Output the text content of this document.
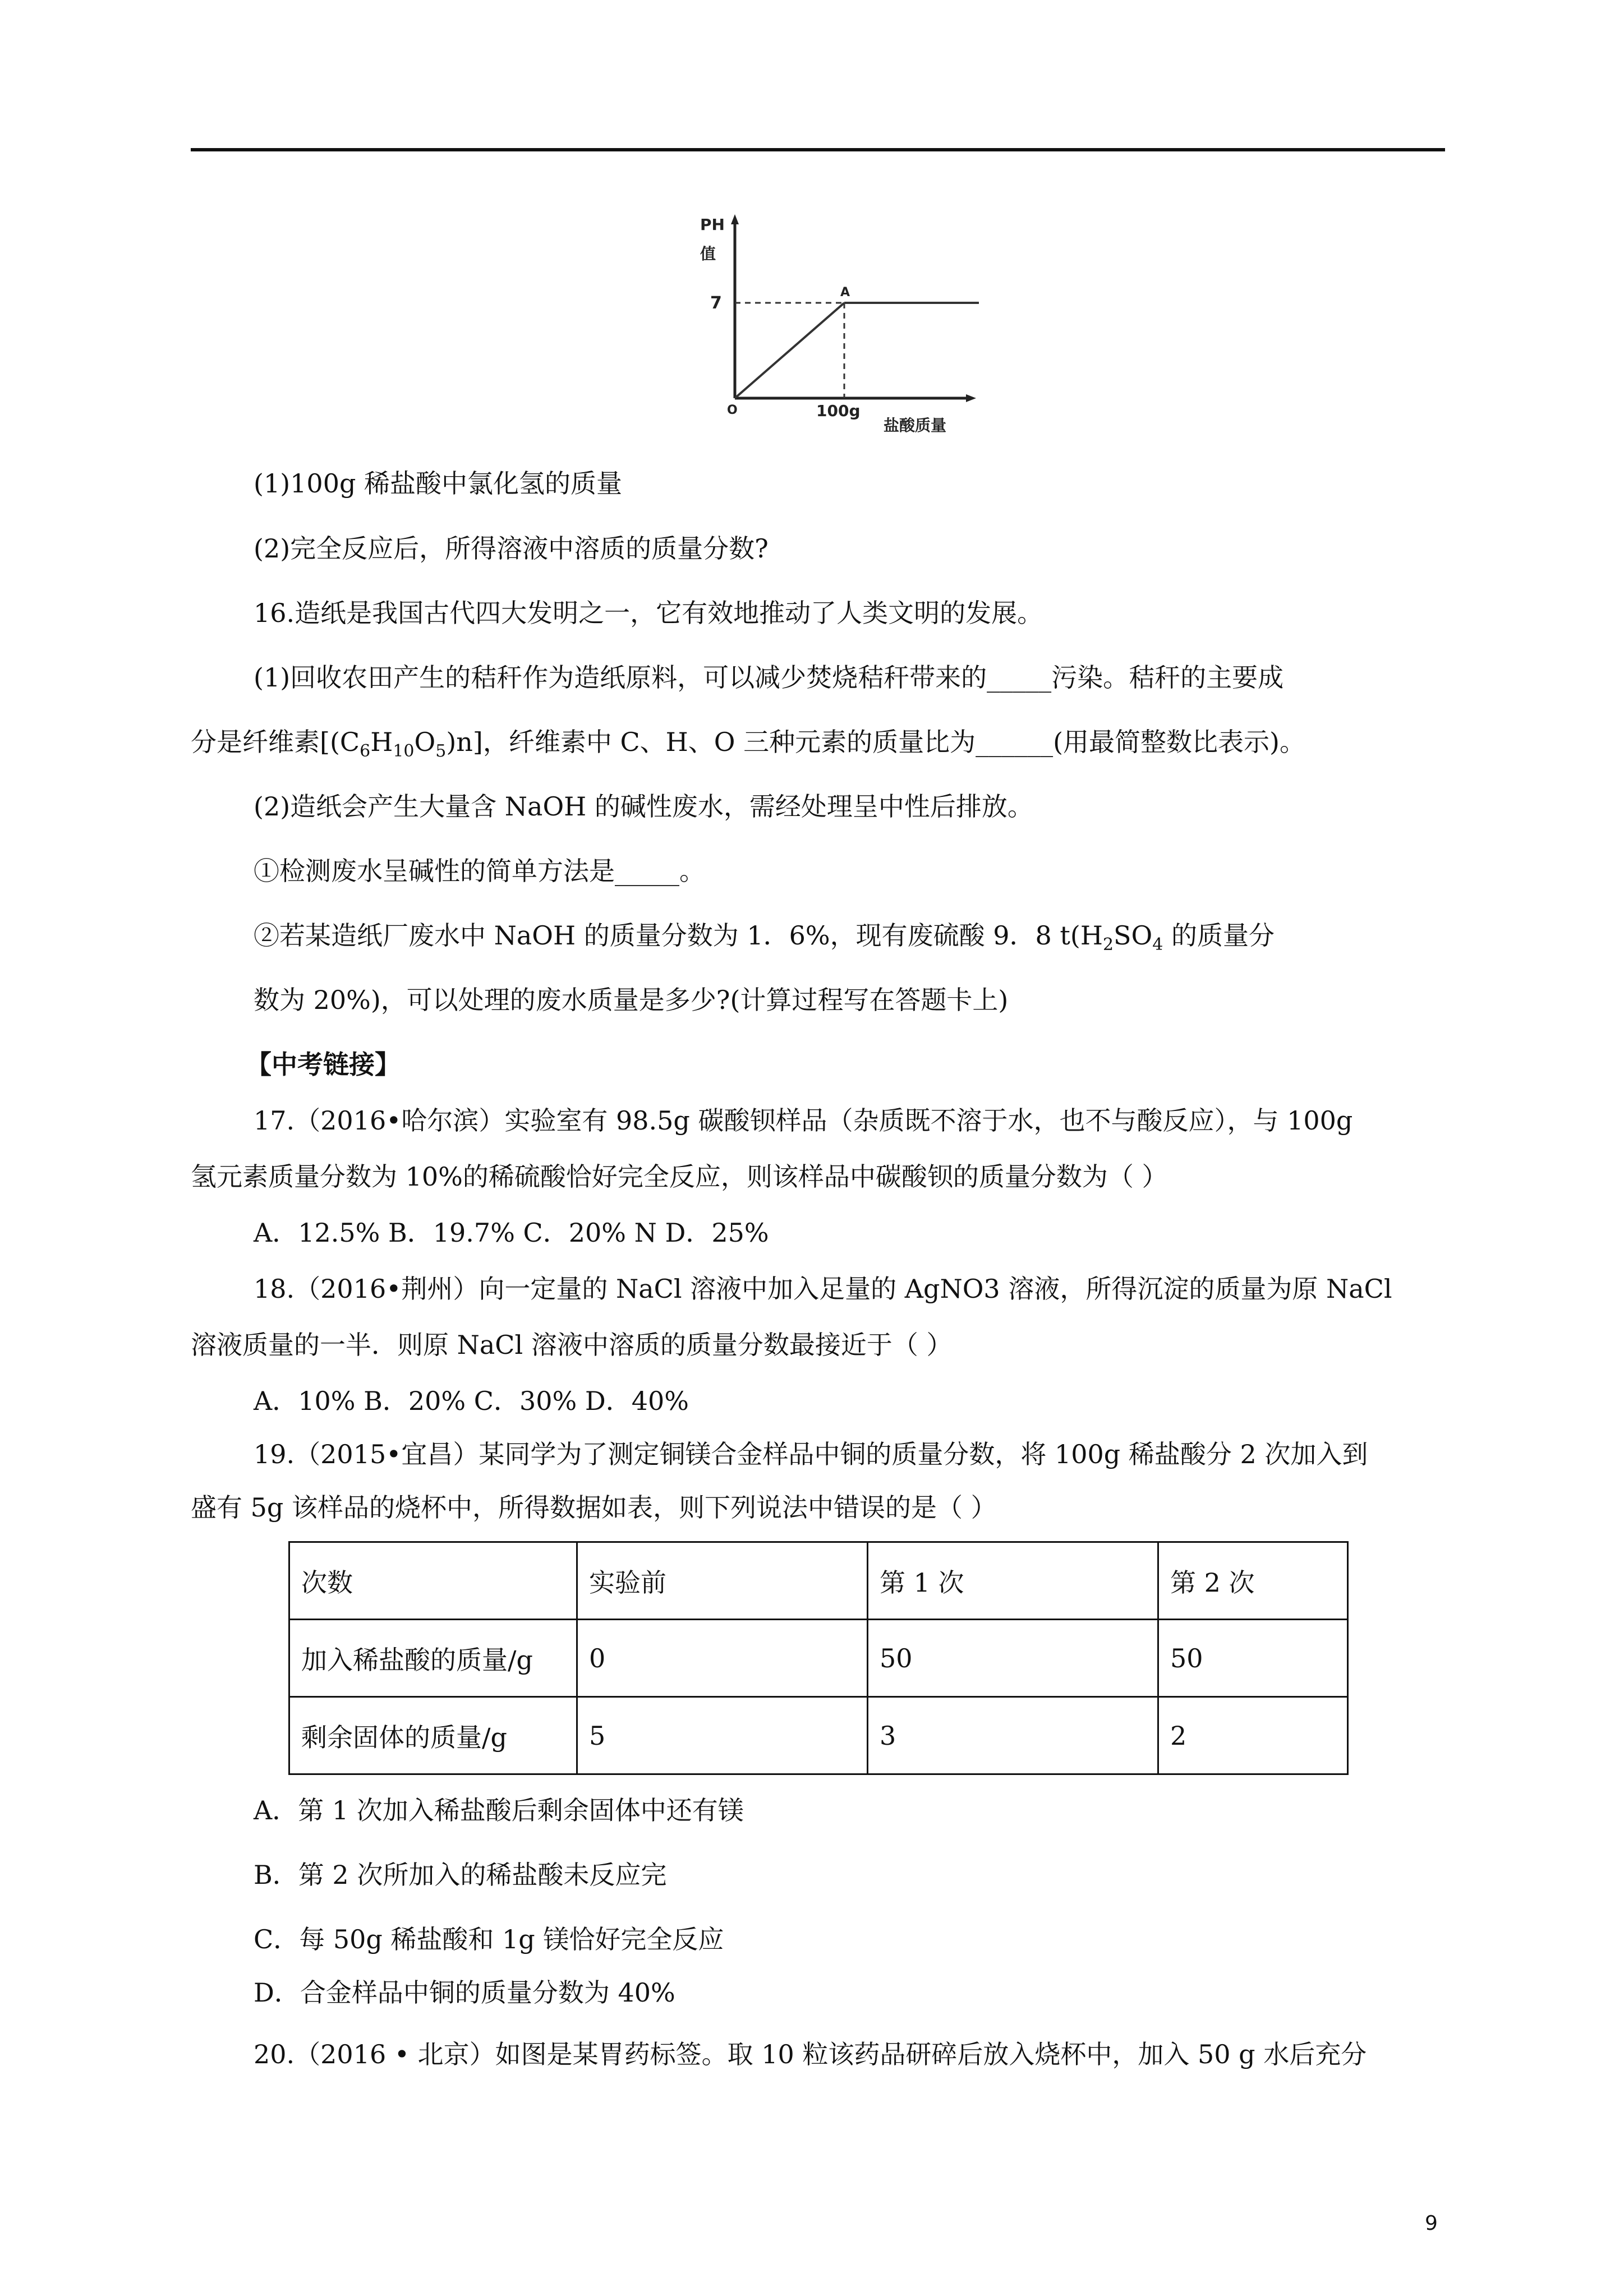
PH
值
7
A
O	100g
盐酸质量
(1)100g 稀盐酸中氯化氢的质量
(2)完全反应后，所得溶液中溶质的质量分数?
16.造纸是我国古代四大发明之一，它有效地推动了人类文明的发展。
(1)回收农田产生的秸秆作为造纸原料，可以减少焚烧秸秆带来的_____污染。秸秆的主要成
分是纤维素$[(C_6H_{10}O_5)n]$，纤维素中 C、H、O 三种元素的质量比为______(用最简整数比表示)。
(2)造纸会产生大量含 NaOH 的碱性废水，需经处理呈中性后排放。
①检测废水呈碱性的简单方法是_____。
②若某造纸厂废水中 NaOH 的质量分数为 1．6%，现有废硫酸 9．8 $t(H_2SO_4$ 的质量分
数为 20%)，可以处理的废水质量是多少?(计算过程写在答题卡上)
【中考链接】
17.（2016•哈尔滨）实验室有 98.5g 碳酸钡样品（杂质既不溶于水，也不与酸反应），与 100g
氢元素质量分数为 10%的稀硫酸恰好完全反应，则该样品中碳酸钡的质量分数为（ ）
A．12.5% B．19.7% C．20% N D．25%
18.（2016•荆州）向一定量的 NaCl 溶液中加入足量的 AgNO3 溶液，所得沉淀的质量为原 NaCl
溶液质量的一半．则原 NaCl 溶液中溶质的质量分数最接近于（ ）
A．10% B．20% C．30% D．40%
19.（2015•宜昌）某同学为了测定铜镁合金样品中铜的质量分数，将 100g 稀盐酸分 2 次加入到
盛有 5g 该样品的烧杯中，所得数据如表，则下列说法中错误的是（ ）
次数	实验前	第 1 次	第 2 次
加入稀盐酸的质量/g	0	50	50
剩余固体的质量/g	5	3	2
A．第 1 次加入稀盐酸后剩余固体中还有镁
B．第 2 次所加入的稀盐酸未反应完
C．每 50g 稀盐酸和 1g 镁恰好完全反应
D．合金样品中铜的质量分数为 40%
20.（2016 • 北京）如图是某胃药标签。取 10 粒该药品研碎后放入烧杯中，加入 50 g 水后充分
9
